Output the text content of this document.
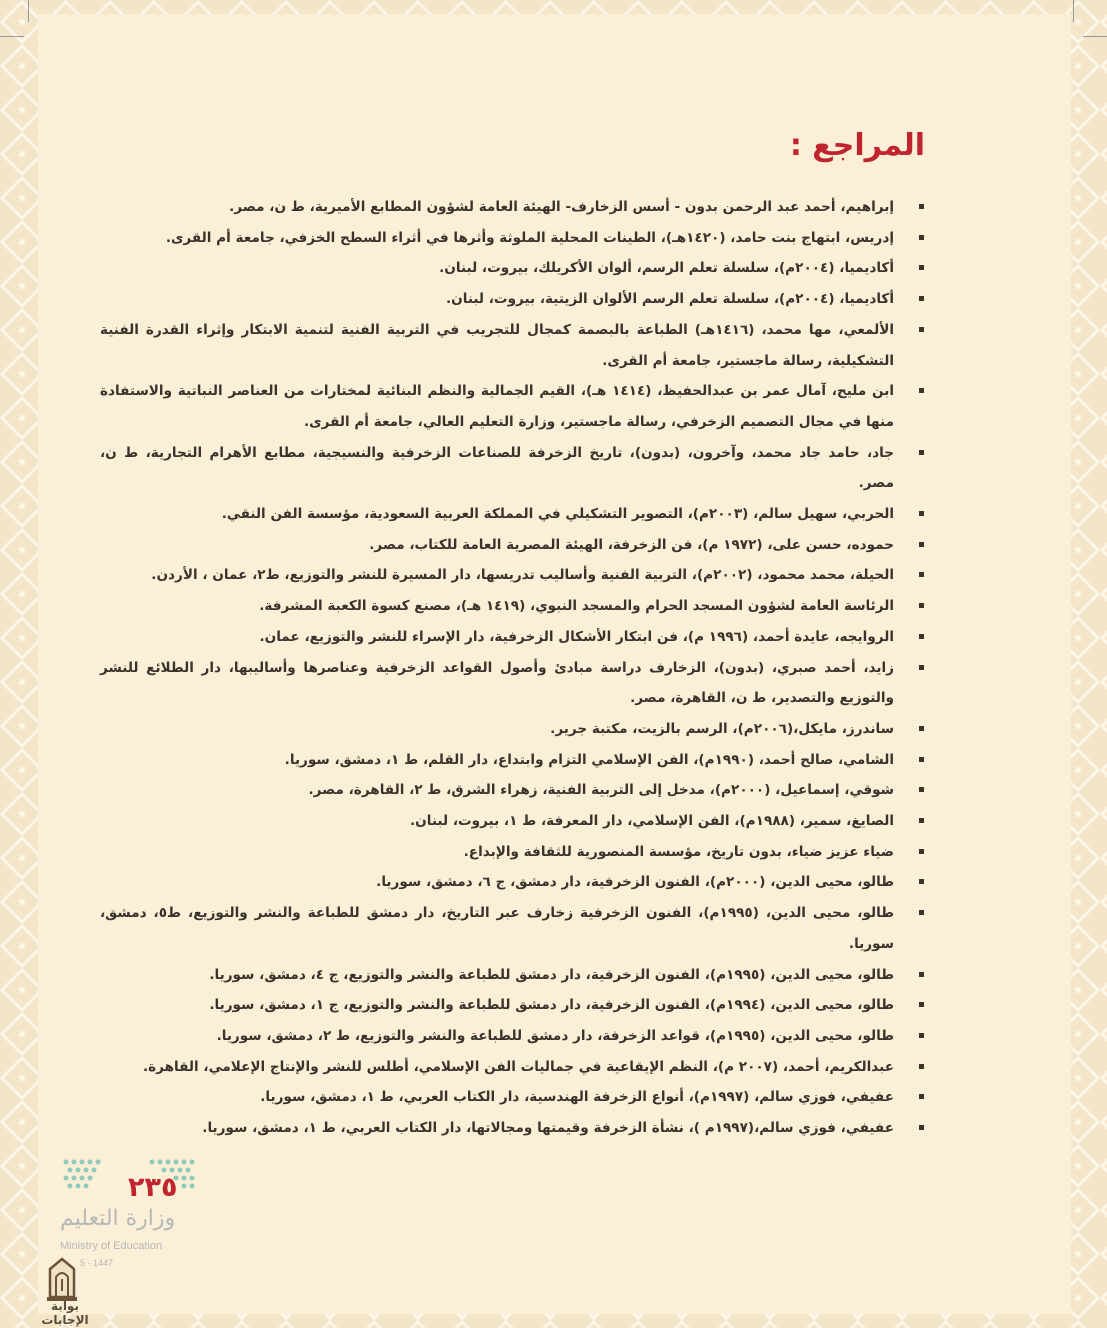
المراجع :
إبراهيم، أحمد عبد الرحمن بدون - أسس الزخارف- الهيئة العامة لشؤون المطابع الأميرية، ط ن، مصر.
إدريس، ابتهاج بنت حامد، (١٤٢٠هـ)، الطينات المحلية الملوثة وأثرها في أثراء السطح الخزفي، جامعة أم القرى.
أكاديميا، (٢٠٠٤م)، سلسلة تعلم الرسم، ألوان الأكريلك، بيروت، لبنان.
أكاديميا، (٢٠٠٤م)، سلسلة تعلم الرسم الألوان الزيتية، بيروت، لبنان.
الألمعي، مها محمد، (١٤١٦هـ) الطباعة بالبصمة كمجال للتجريب في التربية الفنية لتنمية الابتكار وإثراء القدرة الفنية التشكيلية، رسالة ماجستير، جامعة أم القرى.
ابن مليح، آمال عمر بن عبدالحفيظ، (١٤١٤ هـ)، القيم الجمالية والنظم البنائية لمختارات من العناصر النباتية والاستفادة منها في مجال التصميم الزخرفي، رسالة ماجستير، وزارة التعليم العالي، جامعة أم القرى.
جاد، حامد جاد محمد، وآخرون، (بدون)، تاريخ الزخرفة للصناعات الزخرفية والنسيجية، مطابع الأهرام التجارية، ط ن، مصر.
الحربي، سهيل سالم، (٢٠٠٣م)، التصوير التشكيلي في المملكة العربية السعودية، مؤسسة الفن النقي.
حموده، حسن على، (١٩٧٢ م)، فن الزخرفة، الهيئة المصرية العامة للكتاب، مصر.
الحيلة، محمد محمود، (٢٠٠٢م)، التربية الفنية وأساليب تدريسها، دار المسيرة للنشر والتوزيع، ط٢، عمان ، الأردن.
الرئاسة العامة لشؤون المسجد الحرام والمسجد النبوي، (١٤١٩ هـ)، مصنع كسوة الكعبة المشرفة.
الروايجه، عايدة أحمد، (١٩٩٦ م)، فن ابتكار الأشكال الزخرفية، دار الإسراء للنشر والتوزيع، عمان.
زايد، أحمد صبري، (بدون)، الزخارف دراسة مبادئ وأصول القواعد الزخرفية وعناصرها وأساليبها، دار الطلائع للنشر والتوزيع والتصدير، ط ن، القاهرة، مصر.
ساندرز، مايكل،(٢٠٠٦م)، الرسم بالزيت، مكتبة جرير.
الشامي، صالح أحمد، (١٩٩٠م)، الفن الإسلامي التزام وابتداع، دار القلم، ط ١، دمشق، سوريا.
شوقي، إسماعيل، (٢٠٠٠م)، مدخل إلى التربية الفنية، زهراء الشرق، ط ٢، القاهرة، مصر.
الصايغ، سمير، (١٩٨٨م)، الفن الإسلامي، دار المعرفة، ط ١، بيروت، لبنان.
ضياء عزيز ضياء، بدون تاريخ، مؤسسة المنصورية للثقافة والإبداع.
طالو، محيى الدين، (٢٠٠٠م)، الفنون الزخرفية، دار دمشق، ج ٦، دمشق، سوريا.
طالو، محيى الدين، (١٩٩٥م)، الفنون الزخرفية زخارف عبر التاريخ، دار دمشق للطباعة والنشر والتوزيع، ط٥، دمشق، سوريا.
طالو، محيى الدين، (١٩٩٥م)، الفنون الزخرفية، دار دمشق للطباعة والنشر والتوزيع، ج ٤، دمشق، سوريا.
طالو، محيى الدين، (١٩٩٤م)، الفنون الزخرفية، دار دمشق للطباعة والنشر والتوزيع، ج ١، دمشق، سوريا.
طالو، محيى الدين، (١٩٩٥م)، قواعد الزخرفة، دار دمشق للطباعة والنشر والتوزيع، ط ٢، دمشق، سوريا.
عبدالكريم، أحمد، (٢٠٠٧ م)، النظم الإيقاعية في جماليات الفن الإسلامي، أطلس للنشر والإنتاج الإعلامي، القاهرة.
عفيفي، فوزي سالم، (١٩٩٧م)، أنواع الزخرفة الهندسية، دار الكتاب العربي، ط ١، دمشق، سوريا.
عفيفي، فوزي سالم،(١٩٩٧م )، نشأة الزخرفة وقيمتها ومجالاتها، دار الكتاب العربي، ط ١، دمشق، سوريا.
٢٣٥
وزارة التعليم
Ministry of Education
5 - 1447
بوابة الإجابات
